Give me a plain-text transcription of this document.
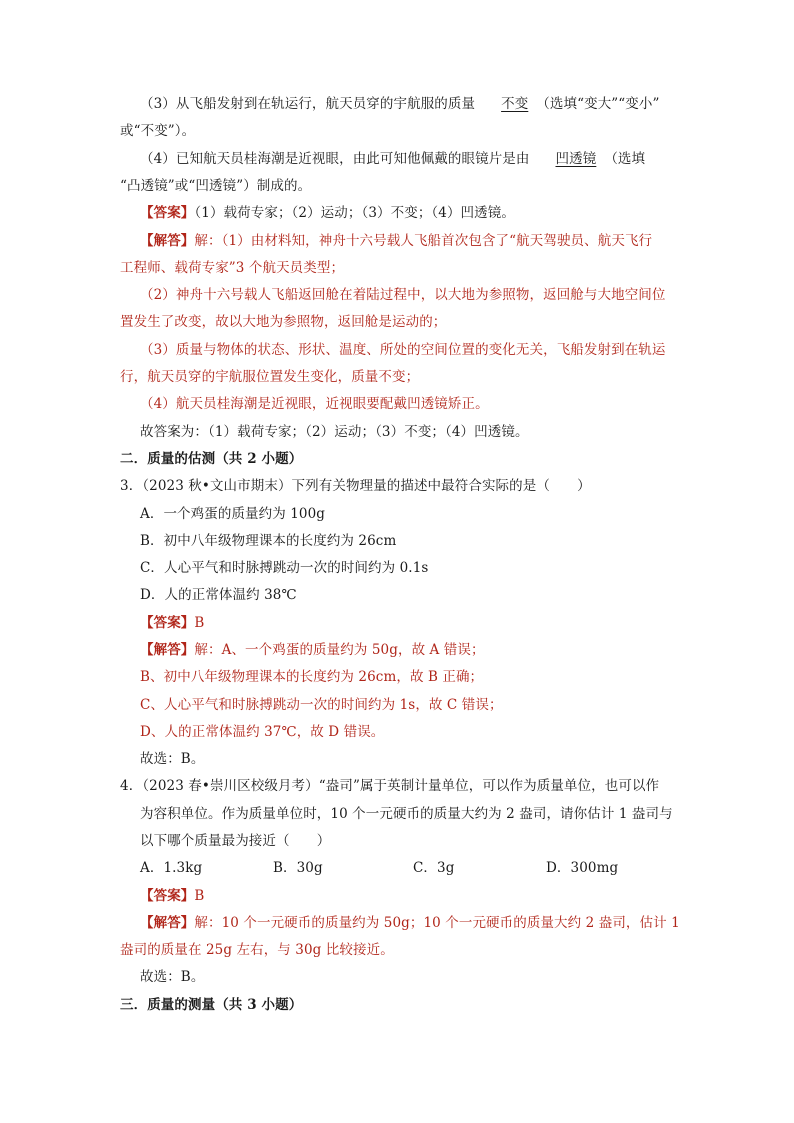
（3）从飞船发射到在轨运行，航天员穿的宇航服的质量 不变 （选填“变大”“变小”
或“不变”）。
（4）已知航天员桂海潮是近视眼，由此可知他佩戴的眼镜片是由 凹透镜 （选填
“凸透镜”或“凹透镜”）制成的。
【答案】（1）载荷专家；（2）运动；（3）不变；（4）凹透镜。
【解答】解：（1）由材料知，神舟十六号载人飞船首次包含了“航天驾驶员、航天飞行
工程师、载荷专家”3 个航天员类型；
（2）神舟十六号载人飞船返回舱在着陆过程中，以大地为参照物，返回舱与大地空间位
置发生了改变，故以大地为参照物，返回舱是运动的；
（3）质量与物体的状态、形状、温度、所处的空间位置的变化无关，飞船发射到在轨运
行，航天员穿的宇航服位置发生变化，质量不变；
（4）航天员桂海潮是近视眼，近视眼要配戴凹透镜矫正。
故答案为：（1）载荷专家；（2）运动；（3）不变；（4）凹透镜。
二．质量的估测（共 2 小题）
3．（2023 秋•文山市期末）下列有关物理量的描述中最符合实际的是（　　）
A．一个鸡蛋的质量约为 100g
B．初中八年级物理课本的长度约为 26cm
C．人心平气和时脉搏跳动一次的时间约为 0.1s
D．人的正常体温约 38℃
【答案】B
【解答】解：A、一个鸡蛋的质量约为 50g，故 A 错误；
B、初中八年级物理课本的长度约为 26cm，故 B 正确；
C、人心平气和时脉搏跳动一次的时间约为 1s，故 C 错误；
D、人的正常体温约 37℃，故 D 错误。
故选：B。
4．（2023 春•崇川区校级月考）“盎司”属于英制计量单位，可以作为质量单位，也可以作
为容积单位。作为质量单位时，10 个一元硬币的质量大约为 2 盎司，请你估计 1 盎司与
以下哪个质量最为接近（　　）
A．1.3kg	B．30g	C．3g	D．300mg
【答案】B
【解答】解：10 个一元硬币的质量约为 50g；10 个一元硬币的质量大约 2 盎司，估计 1
盎司的质量在 25g 左右，与 30g 比较接近。
故选：B。
三．质量的测量（共 3 小题）
